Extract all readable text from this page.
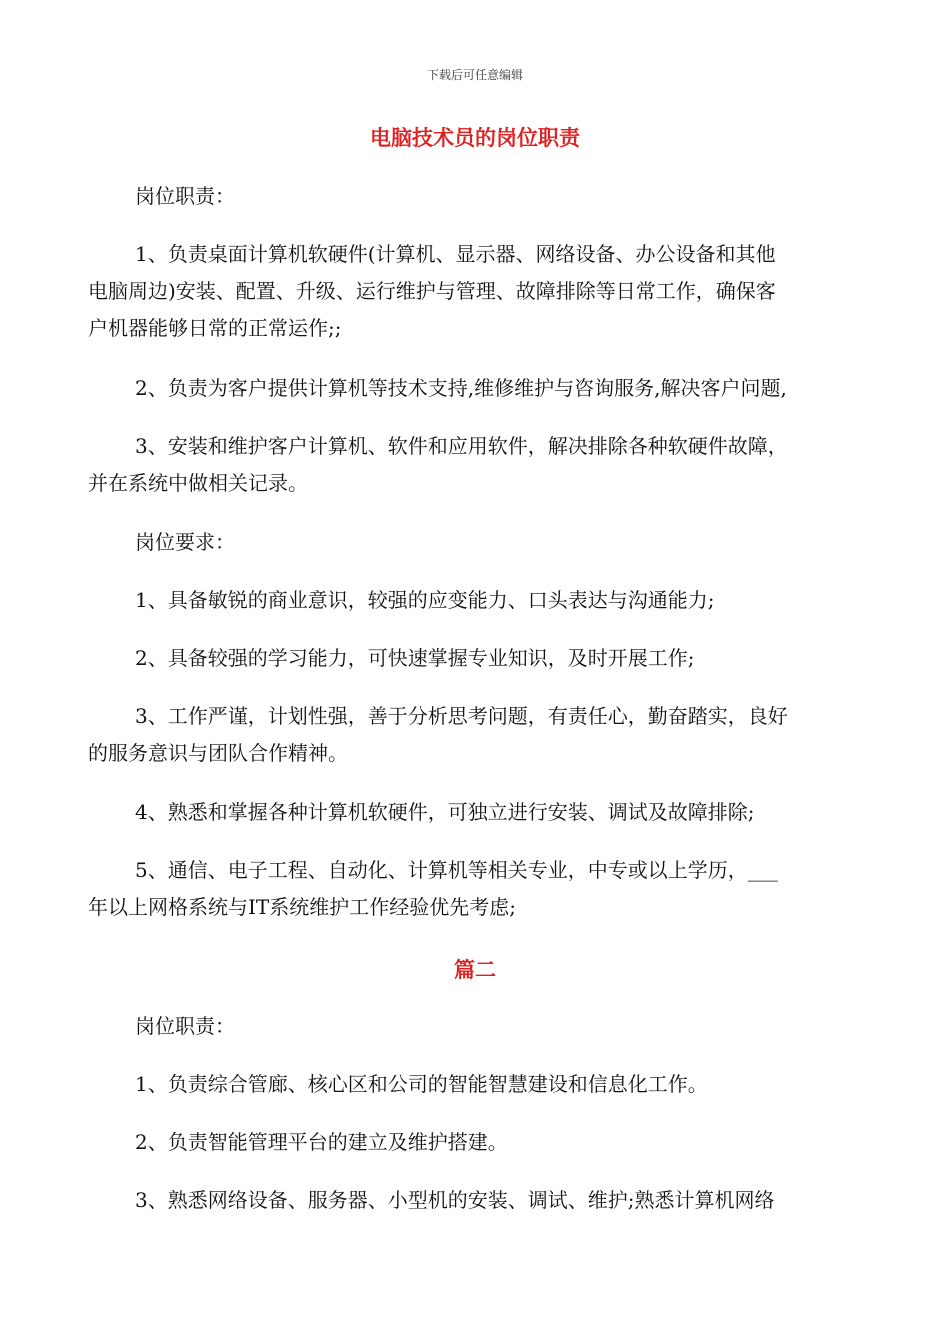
下载后可任意编辑
电脑技术员的岗位职责
岗位职责：
1、负责桌面计算机软硬件(计算机、显示器、网络设备、办公设备和其他
电脑周边)安装、配置、升级、运行维护与管理、故障排除等日常工作，确保客
户机器能够日常的正常运作;;
2、负责为客户提供计算机等技术支持,维修维护与咨询服务,解决客户问题,
3、安装和维护客户计算机、软件和应用软件，解决排除各种软硬件故障，
并在系统中做相关记录。
岗位要求：
1、具备敏锐的商业意识，较强的应变能力、口头表达与沟通能力;
2、具备较强的学习能力，可快速掌握专业知识，及时开展工作;
3、工作严谨，计划性强，善于分析思考问题，有责任心，勤奋踏实，良好
的服务意识与团队合作精神。
4、熟悉和掌握各种计算机软硬件，可独立进行安装、调试及故障排除;
5、通信、电子工程、自动化、计算机等相关专业，中专或以上学历，___
年以上网格系统与IT系统维护工作经验优先考虑;
篇二
岗位职责：
1、负责综合管廊、核心区和公司的智能智慧建设和信息化工作。
2、负责智能管理平台的建立及维护搭建。
3、熟悉网络设备、服务器、小型机的安装、调试、维护;熟悉计算机网络
